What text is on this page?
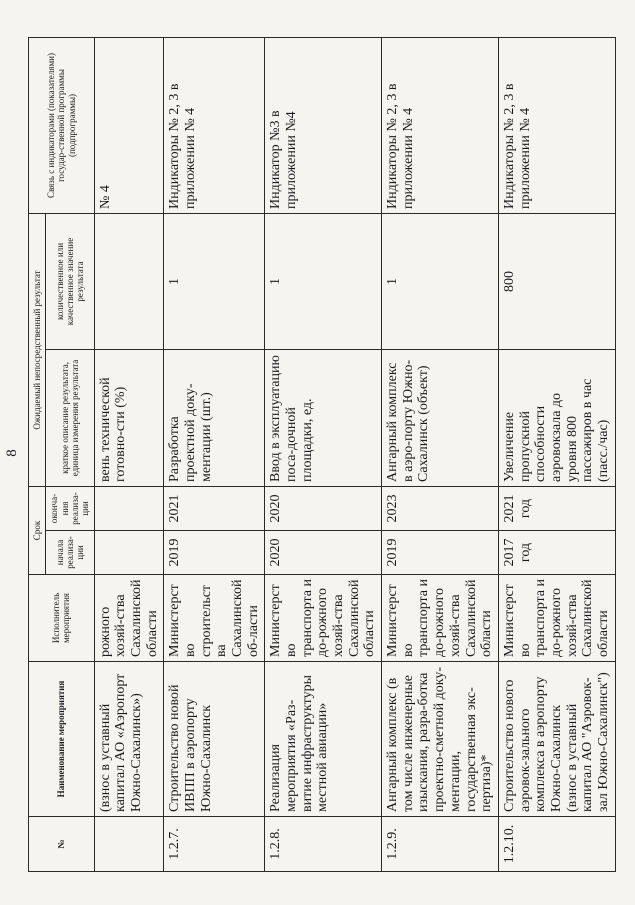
8
№	Наименование мероприятия	Исполнитель мероприятия	Срок		Ожидаемый непосредственный результат		Связь с индикаторами (показателями) государ-ственной программы (подпрограммы)
			начала реализа-ции	оконча-ния реализа-ции	краткое описание результата, единица измерения результата	количественное или качественное значение результата	
	(взнос в уставный капитал АО «Аэропорт Южно-Сахалинск»)	рожного хозяй-ства Сахалинской области			вень технической готовно-сти (%)		№ 4
1.2.7.	Строительство новой ИВПП в аэропорту Южно-Сахалинск	Министерство строительства Сахалинской об-ласти	2019	2021	Разработка проектной доку-ментации (шт.)	1	Индикаторы № 2, 3 в приложении № 4
1.2.8.	Реализация мероприятия «Раз-витие инфраструктуры местной авиации»	Министерство транспорта и до-рожного хозяй-ства Сахалинской области	2020	2020	Ввод в эксплуатацию поса-дочной площадки, ед.	1	Индикатор №3 в приложении №4
1.2.9.	Ангарный комплекс (в том числе инженерные изыскания, разра-ботка проектно-сметной доку-ментации, государственная экс-пертиза)*	Министерство транспорта и до-рожного хозяй-ства Сахалинской области	2019	2023	Ангарный комплекс в аэро-порту Южно-Сахалинск (объект)	1	Индикаторы № 2, 3 в приложении № 4
1.2.10.	Строительство нового аэровок-зального комплекса в аэропорту Южно-Сахалинск (взнос в уставный капитал АО "Аэровок-зал Южно-Сахалинск")	Министерство транспорта и до-рожного хозяй-ства Сахалинской области	2017 год	2021 год	Увеличение пропускной способности аэровокзала до уровня 800 пассажиров в час (пасс./час)	800	Индикаторы № 2, 3 в приложении № 4
